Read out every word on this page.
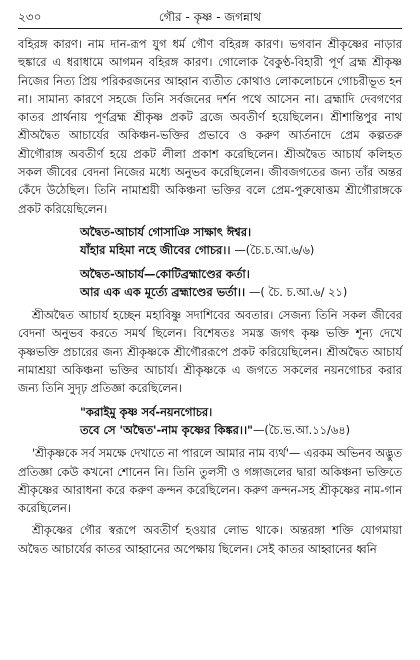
২৩০	গৌর - কৃষ্ণ - জগন্নাথ

বহিরঙ্গ কারণ। নাম দান-রূপ যুগ ধর্ম গৌণ বহিরঙ্গ কারণ। ভগবান শ্রীকৃষ্ণের নাড়ার হুঙ্কারে এ ধরাধামে আগমন বহিরঙ্গ কারণ। গোলোক বৈকুণ্ঠ-বিহারী পূর্ণ ব্রহ্ম শ্রীকৃষ্ণ নিজের নিত্য প্রিয় পরিকরজনের আহ্বান ব্যতীত কোথাও লোকলোচনে গোচরীভূত হন না। সামান্য কারণে সহজে তিনি সর্বজনের দর্শন পথে আসেন না। ব্রহ্মাদি দেবগণের কাতর প্রার্থনায় পূর্ণব্রহ্ম শ্রীকৃষ্ণ প্রকট ব্রজে অবতীর্ণ হয়েছিলেন। শ্রীশান্তিপুর নাথ শ্রীঅদ্বৈত আচার্যের অকিঞ্চন-ভক্তির প্রভাবে ও করুণ আর্তনাদে প্রেম কল্পতরু শ্রীগৌরাঙ্গ অবতীর্ণ হয়ে প্রকট লীলা প্রকাশ করেছিলেন। শ্রীঅদ্বৈত আচার্য কলিহত সকল জীবের বেদনা নিজের মধ্যে অনুভব করেছিলেন। জীবজগতের জন্য তাঁর অন্তর কেঁদে উঠেছিল। তিনি নামাশ্রয়ী অকিঞ্চনা ভক্তির বলে প্রেম-পুরুষোত্তম শ্রীগৌরাঙ্গকে প্রকট করিয়েছিলেন।

অদ্বৈত-আচার্য গোসাঞি সাক্ষাৎ ঈশ্বর।
যাঁহার মহিমা নহে জীবের গোচর।। —(চৈ.চ.আ.৬/৬)
অদ্বৈত-আচার্য—কোটিব্রহ্মাণ্ডের কর্তা।
আর এক এক মূর্ত্যে ব্রহ্মাণ্ডের ভর্তা।। —( চৈ. চ.আ.৬/ ২১)

শ্রীঅদ্বৈত আচার্য হচ্ছেন মহাবিষ্ণু সদাশিবের অবতার। সেজন্য তিনি সকল জীবের বেদনা অনুভব করতে সমর্থ ছিলেন। বিশেষতঃ সমস্ত জগৎ কৃষ্ণ ভক্তি শূন্য দেখে কৃষ্ণভক্তি প্রচারের জন্য শ্রীকৃষ্ণকে শ্রীগৌররূপে প্রকট করিয়েছিলেন। শ্রীঅদ্বৈত আচার্য নামাশ্রয়া অকিঞ্চনা ভক্তির আচার্য। শ্রীকৃষ্ণকে এ জগতে সকলের নয়নগোচর করার জন্য তিনি সুদৃঢ় প্রতিজ্ঞা করেছিলেন।

"করাইমু কৃষ্ণ সর্ব-নয়নগোচর।
তবে সে 'অদ্বৈত'-নাম কৃষ্ণের কিঙ্কর।।"—(চৈ.ভ.আ.১১/৬৪)

'শ্রীকৃষ্ণকে সর্ব সমক্ষে দেখাতে না পারলে আমার নাম ব্যর্থ'— এরকম অভিনব অদ্ভুত প্রতিজ্ঞা কেউ কখনো শোনেন নি। তিনি তুলসী ও গঙ্গাজলের দ্বারা অকিঞ্চনা ভক্তিতে শ্রীকৃষ্ণের আরাধনা করে করুণ ক্রন্দন করেছিলেন। করুণ ক্রন্দন-সহ শ্রীকৃষ্ণের নাম-গান করেছিলেন।

শ্রীকৃষ্ণের গৌর স্বরূপে অবতীর্ণ হওয়ার লোভ থাকে। অন্তরঙ্গা শক্তি যোগমায়া অদ্বৈত আচার্যের কাতর আহ্বানের অপেক্ষায় ছিলেন। সেই কাতর আহ্বানের ধ্বনি
